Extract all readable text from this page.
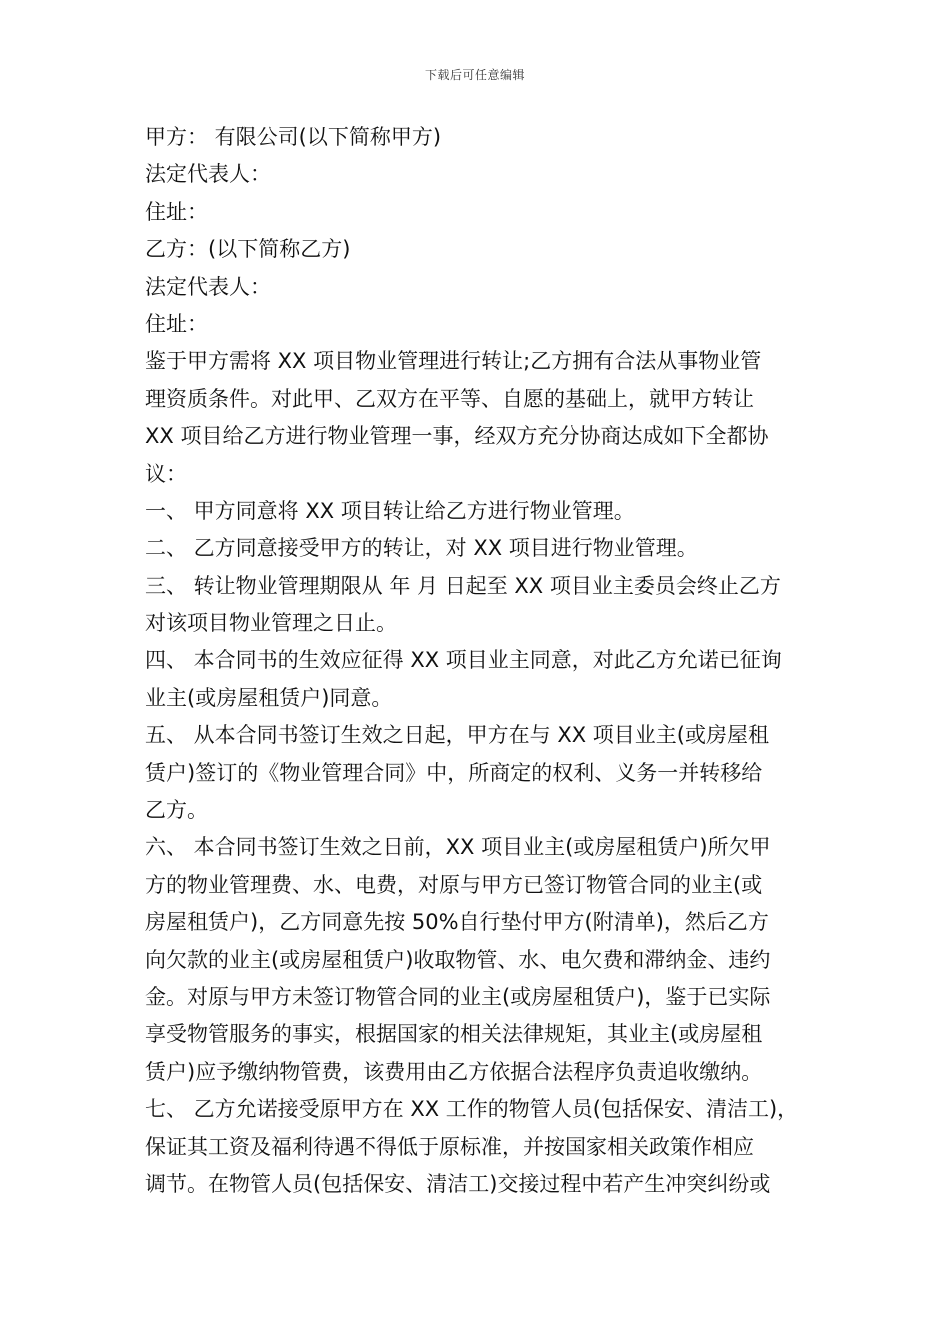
下载后可任意编辑
甲方： 有限公司(以下简称甲方)
法定代表人：
住址：
乙方：(以下简称乙方)
法定代表人：
住址：
鉴于甲方需将 XX 项目物业管理进行转让;乙方拥有合法从事物业管
理资质条件。对此甲、乙双方在平等、自愿的基础上，就甲方转让
XX 项目给乙方进行物业管理一事，经双方充分协商达成如下全都协
议：
一、 甲方同意将 XX 项目转让给乙方进行物业管理。
二、 乙方同意接受甲方的转让，对 XX 项目进行物业管理。
三、 转让物业管理期限从 年 月 日起至 XX 项目业主委员会终止乙方
对该项目物业管理之日止。
四、 本合同书的生效应征得 XX 项目业主同意，对此乙方允诺已征询
业主(或房屋租赁户)同意。
五、 从本合同书签订生效之日起，甲方在与 XX 项目业主(或房屋租
赁户)签订的《物业管理合同》中，所商定的权利、义务一并转移给
乙方。
六、 本合同书签订生效之日前，XX 项目业主(或房屋租赁户)所欠甲
方的物业管理费、水、电费，对原与甲方已签订物管合同的业主(或
房屋租赁户)，乙方同意先按 50%自行垫付甲方(附清单)，然后乙方
向欠款的业主(或房屋租赁户)收取物管、水、电欠费和滞纳金、违约
金。对原与甲方未签订物管合同的业主(或房屋租赁户)，鉴于已实际
享受物管服务的事实，根据国家的相关法律规矩，其业主(或房屋租
赁户)应予缴纳物管费，该费用由乙方依据合法程序负责追收缴纳。
七、 乙方允诺接受原甲方在 XX 工作的物管人员(包括保安、清洁工)，
保证其工资及福利待遇不得低于原标准，并按国家相关政策作相应
调节。在物管人员(包括保安、清洁工)交接过程中若产生冲突纠纷或
